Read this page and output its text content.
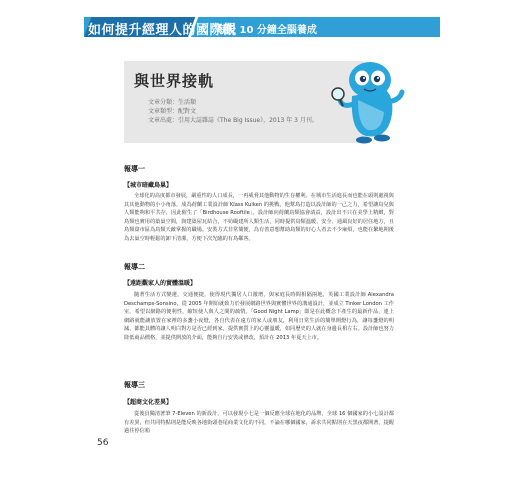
如何提升經理人的國際觀
每天 10 分鐘全腦養成
與世界接軌
文章分類：生活類
文章類型：配對文
文章出處：引用大誌雜誌《The Big Issue》，2013 年 3 月刊。
報導一
【城市暗藏鳥巢】
全球化的高度都市發展，嚴重性的人口成長，一再威脅其他動物的生存權利。在城市生活進長而也能在頭則處視與其其他動物的小小角落，成為荷蘭工業設計師 Klass Kuiken 的挑戰，他幫鳥打造以設計師的一己之力，希望讓鳥兒與人類能夠和平共存，因此催生了「Birdhouse Rooftile」。設計師向荷蘭鳥類協會請益，設計出不只在美學上精緻，對鳥類也實用的築巢空間，與建築屋瓦結合，不妨礙建所人類生活，同時提供鳥類溫暖、安全、通風良好的居住地方，且鳥類窩市區為鳥類天敵掌握的職場。安裝方式非常簡便，為有善意想幫助鳥類的好心人者去不少麻煩，也能在繁地期後為去巢空時輕鬆的卸下清潔，方便下次光臨的有鳥鄰客。
報導二
【遠距觀家人的實體溫暖】
隨著生活方式變遷，交通便捷，使得現代獨居人口激增，與家庭長時間相隔兩地，英國工業設計師 Alexandra Deschamps-Sonsino，從 2005 年開始就致力於發展網路世界與實體世界的溝通設計，並成立 Tinker London 工作室，希望以網路的便利性，縮短使人與人之間的疏情。「Good Night Lamp」即是在此概念下產生的最新作品，連上網路就能讓放置在家裡的多盞小夜燈，各自代表在遠方的家人或朋友，利用日常生活的簡單開燈行為，讓每盞燈的明滅，都能具體的讓人明白對方是否已經到家，提供實質上的心靈溫暖，如同歷史的人就在身邊長相左右。設計師也努力降低商品價格，並提供開放的介面，能夠自行安裝或修改，預計在 2013 年夏天上市。
報導三
【超商文化差異】
從後員獨清著筆 7-Eleven 的新設計，可以發現小七是一個反應全球在地化的品牌，全球 16 個國家的小七設計都有差異，但共同特點則是能反映各地街頭巷尾商業文化的不同，不論在哪個國家，訴求共同點則在天黑夜都開著，提醒過往停信箱
56
